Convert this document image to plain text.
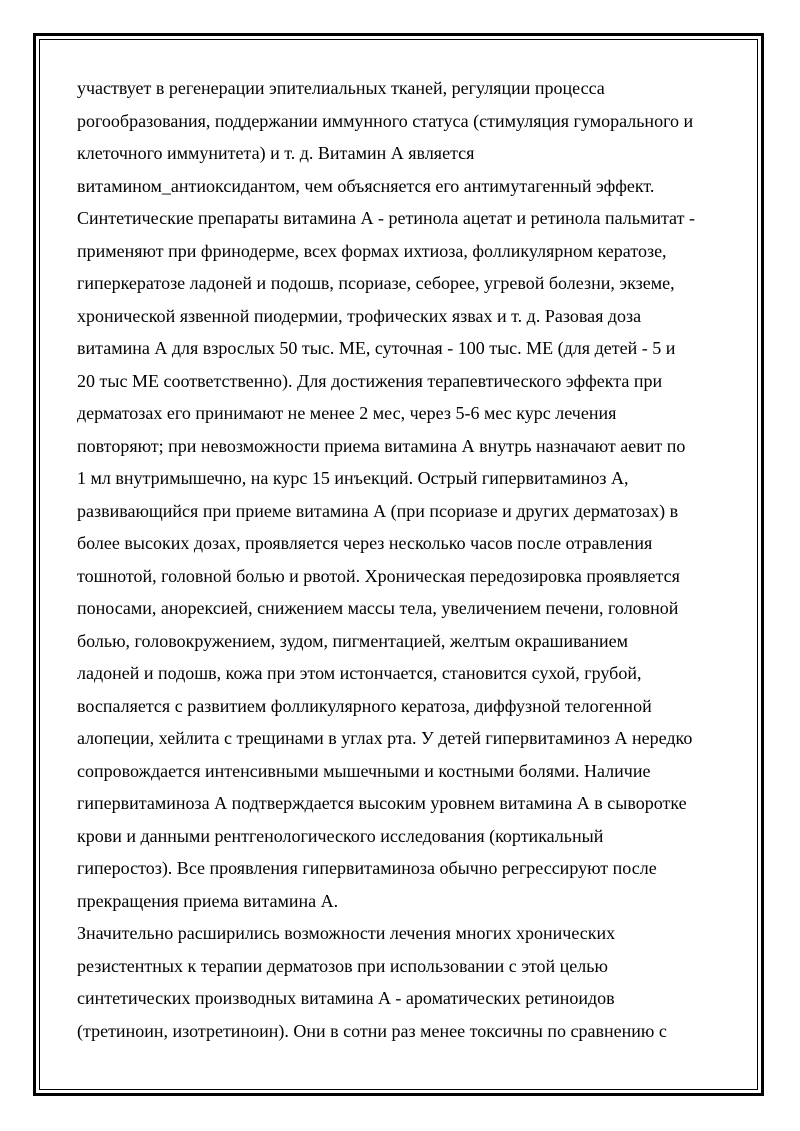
участвует в регенерации эпителиальных тканей, регуляции процесса
рогообразования, поддержании иммунного статуса (стимуляция гуморального и
клеточного иммунитета) и т. д. Витамин А является
витамином_антиоксидантом, чем объясняется его антимутагенный эффект.
Синтетические препараты витамина А - ретинола ацетат и ретинола пальмитат -
применяют при фринодерме, всех формах ихтиоза, фолликулярном кератозе,
гиперкератозе ладоней и подошв, псориазе, себорее, угревой болезни, экземе,
хронической язвенной пиодермии, трофических язвах и т. д. Разовая доза
витамина А для взрослых 50 тыс. ME, суточная - 100 тыс. ME (для детей - 5 и
20 тыс ME соответственно). Для достижения терапевтического эффекта при
дерматозах его принимают не менее 2 мес, через 5-6 мес курс лечения
повторяют; при невозможности приема витамина А внутрь назначают аевит по
1 мл внутримышечно, на курс 15 инъекций. Острый гипервитаминоз А,
развивающийся при приеме витамина А (при псориазе и других дерматозах) в
более высоких дозах, проявляется через несколько часов после отравления
тошнотой, головной болью и рвотой. Хроническая передозировка проявляется
поносами, анорексией, снижением массы тела, увеличением печени, головной
болью, головокружением, зудом, пигментацией, желтым окрашиванием
ладоней и подошв, кожа при этом истончается, становится сухой, грубой,
воспаляется с развитием фолликулярного кератоза, диффузной телогенной
алопеции, хейлита с трещинами в углах рта. У детей гипервитаминоз А нередко
сопровождается интенсивными мышечными и костными болями. Наличие
гипервитаминоза А подтверждается высоким уровнем витамина А в сыворотке
крови и данными рентгенологического исследования (кортикальный
гиперостоз). Все проявления гипервитаминоза обычно регрессируют после
прекращения приема витамина А.
Значительно расширились возможности лечения многих хронических
резистентных к терапии дерматозов при использовании с этой целью
синтетических производных витамина А - ароматических ретиноидов
(третиноин, изотретиноин). Они в сотни раз менее токсичны по сравнению с
